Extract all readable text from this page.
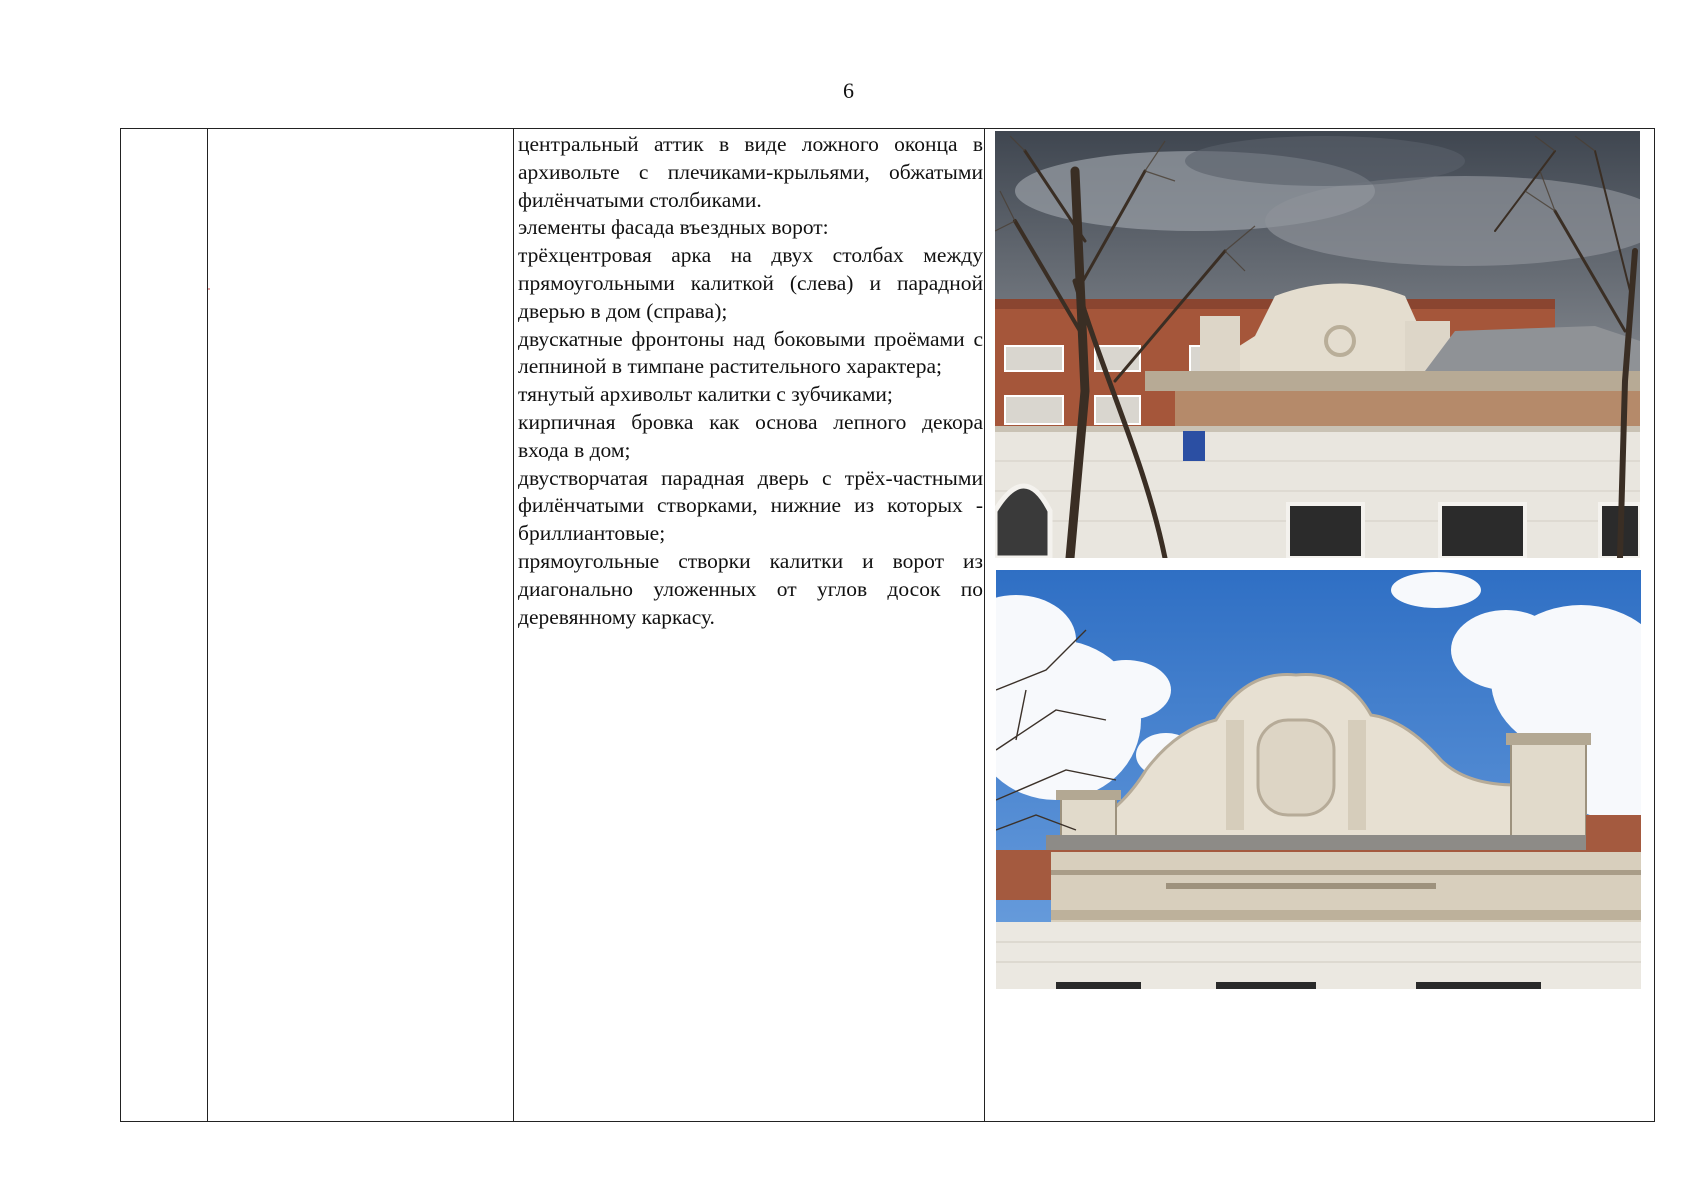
6

центральный аттик в виде ложного оконца в архивольте с плечиками-крыльями, обжатыми филёнчатыми столбиками.

элементы фасада въездных ворот:

трёхцентровая арка на двух столбах между прямоугольными калиткой (слева) и парадной дверью в дом (справа);

двускатные фронтоны над боковыми проёмами с лепниной в тимпане растительного характера;

тянутый архивольт калитки с зубчиками;

кирпичная бровка как основа лепного декора входа в дом;

двустворчатая парадная дверь с трёх-частными филёнчатыми створками, нижние из которых - бриллиантовые;

прямоугольные створки калитки и ворот из диагонально уложенных от углов досок по деревянному каркасу.
